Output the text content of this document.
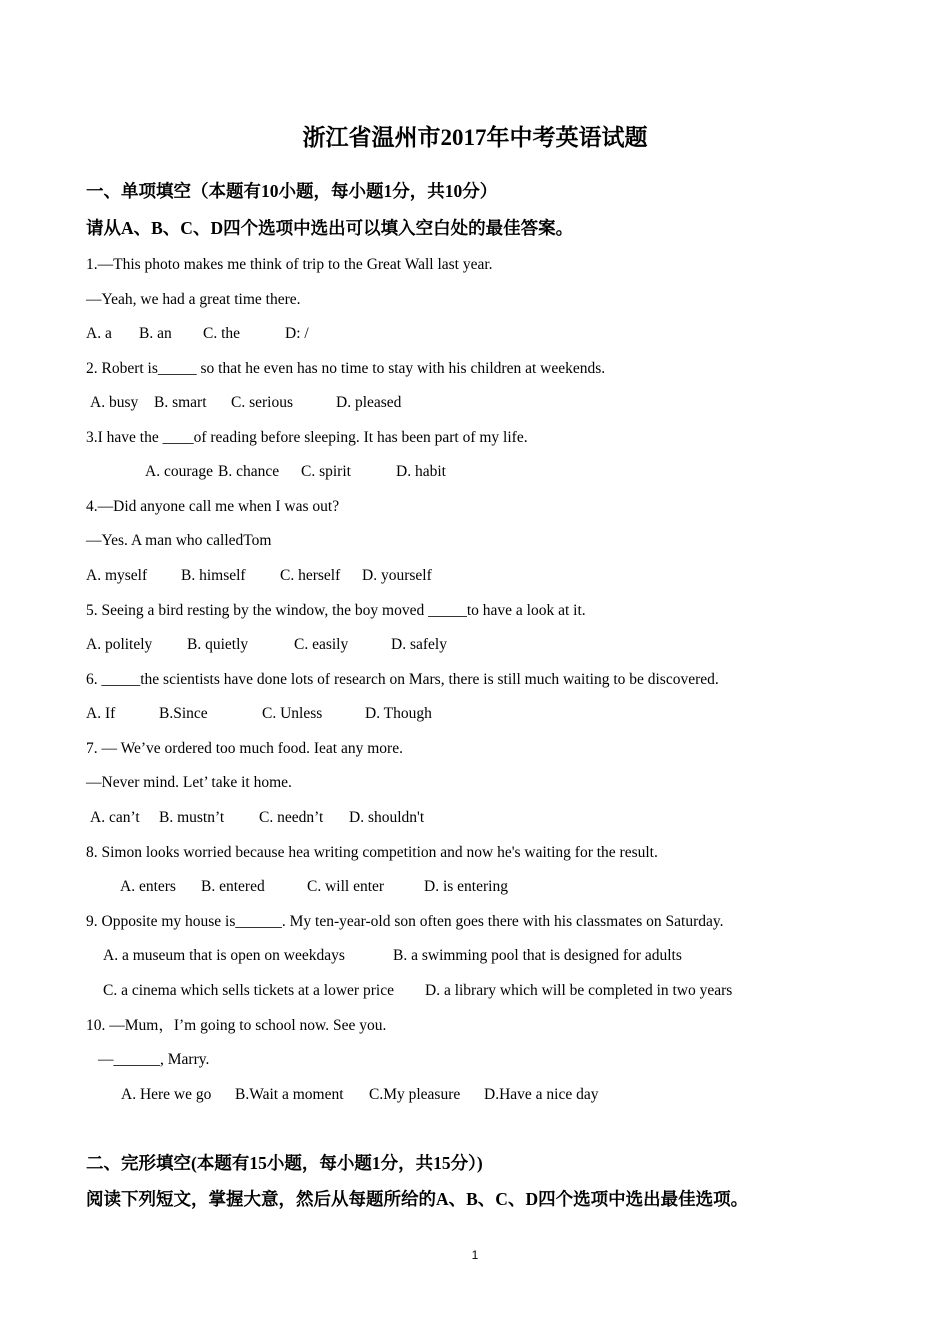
浙江省温州市2017年中考英语试题
一、单项填空（本题有10小题，每小题1分，共10分）
请从A、B、C、D四个选项中选出可以填入空白处的最佳答案。
1.—This photo makes me think of trip to the Great Wall last year.
—Yeah, we had a great time there.

A. a

B. an

C. the

	D: /

2. Robert is_____ so that he even has no time to stay with his children at weekends.

A. busy

B. smart

C. serious

	D. pleased

3.I have the ____of reading before sleeping. It has been part of my life.

A. courage

B. chance

C. spirit

	D. habit

4.—Did anyone call me when I was out?
—Yes. A man who calledTom

A. myself

B. himself

C. herself

D. yourself

5. Seeing a bird resting by the window, the boy moved _____to have a look at it.

A. politely

B. quietly

	C. easily

	D. safely

6. _____the scientists have done lots of research on Mars, there is still much waiting to be discovered.

A. If

	B.Since

	C. Unless

	D. Though

7. — We’ve ordered too much food. Ieat any more.
—Never mind. Let’ take it home.

A. can’t

B. mustn’t

C. needn’t

D. shouldn't

8. Simon looks worried because hea writing competition and now he's waiting for the result.

A. enters

B. entered

	C. will enter

	D. is entering

9. Opposite my house is______. My ten-year-old son often goes there with his classmates on Saturday.

A. a museum that is open on weekdays

	B. a swimming pool that is designed for adults

C. a cinema which sells tickets at a lower price

D. a library which will be completed in two years

10. —Mum，I’m going to school now. See you.
—______, Marry.

A. Here we go

B.Wait a moment

C.My pleasure

D.Have a nice day

二、完形填空(本题有15小题，每小题1分，共15分）)
阅读下列短文，掌握大意，然后从每题所给的A、B、C、D四个选项中选出最佳选项。
1
